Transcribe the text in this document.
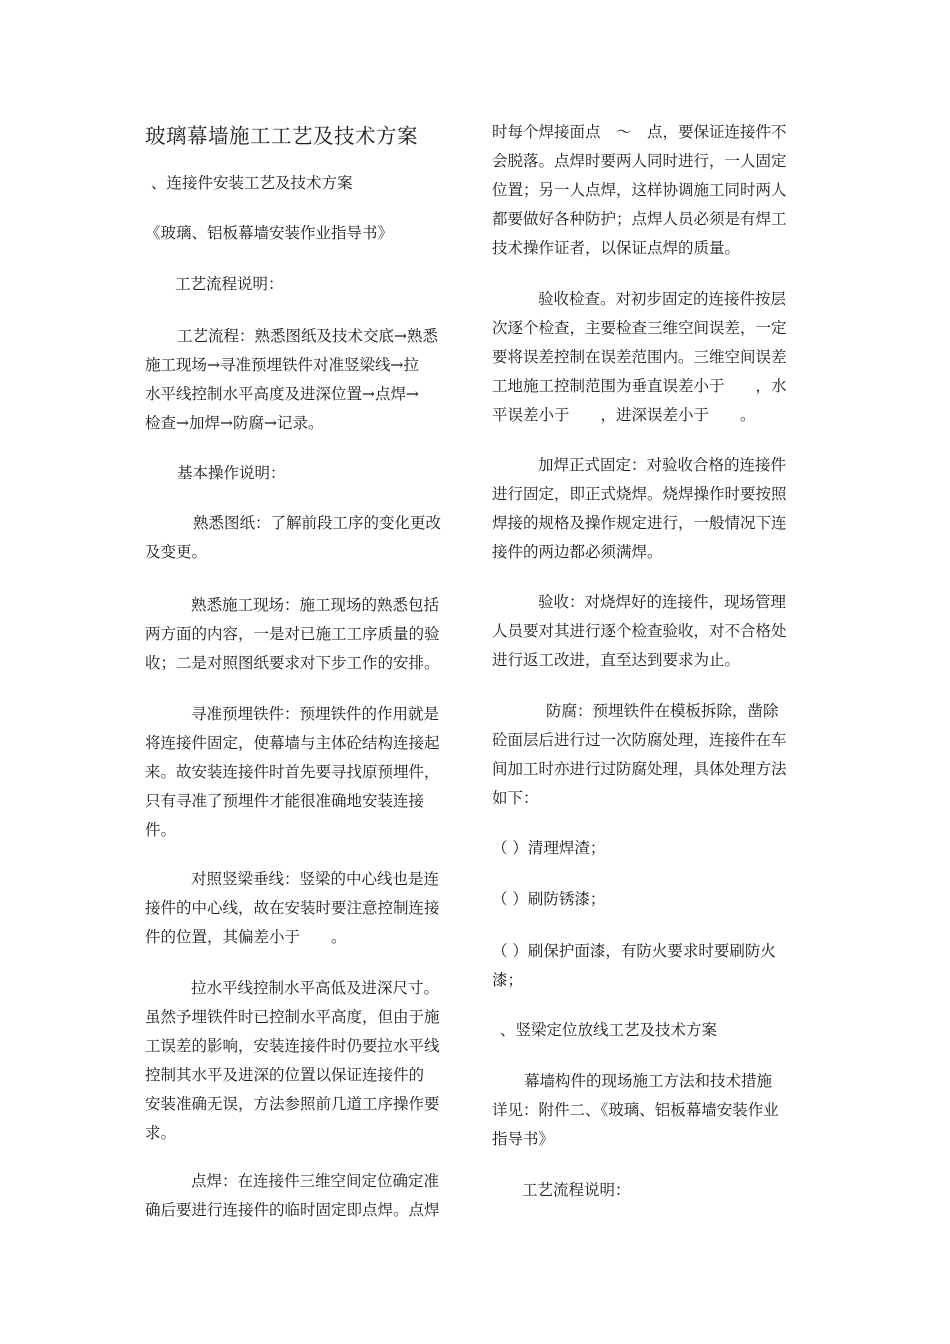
玻璃幕墙施工工艺及技术方案
、连接件安装工艺及技术方案
《玻璃、铝板幕墙安装作业指导书》
工艺流程说明：
工艺流程：熟悉图纸及技术交底→熟悉
施工现场→寻准预埋铁件对准竖梁线→拉
水平线控制水平高度及进深位置→点焊→
检查→加焊→防腐→记录。
基本操作说明：
熟悉图纸：了解前段工序的变化更改
及变更。
熟悉施工现场：施工现场的熟悉包括
两方面的内容，一是对已施工工序质量的验
收；二是对照图纸要求对下步工作的安排。
寻准预埋铁件：预埋铁件的作用就是
将连接件固定，使幕墙与主体砼结构连接起
来。故安装连接件时首先要寻找原预埋件，
只有寻准了预埋件才能很准确地安装连接
件。
对照竖梁垂线：竖梁的中心线也是连
接件的中心线，故在安装时要注意控制连接
件的位置，其偏差小于　　。
拉水平线控制水平高低及进深尺寸。
虽然予埋铁件时已控制水平高度，但由于施
工误差的影响，安装连接件时仍要拉水平线
控制其水平及进深的位置以保证连接件的
安装准确无误，方法参照前几道工序操作要
求。
点焊：在连接件三维空间定位确定准
确后要进行连接件的临时固定即点焊。点焊
时每个焊接面点　～　点，要保证连接件不
会脱落。点焊时要两人同时进行，一人固定
位置；另一人点焊，这样协调施工同时两人
都要做好各种防护；点焊人员必须是有焊工
技术操作证者，以保证点焊的质量。
验收检查。对初步固定的连接件按层
次逐个检查，主要检查三维空间误差，一定
要将误差控制在误差范围内。三维空间误差
工地施工控制范围为垂直误差小于　　，水
平误差小于　　，进深误差小于　　。
加焊正式固定：对验收合格的连接件
进行固定，即正式烧焊。烧焊操作时要按照
焊接的规格及操作规定进行，一般情况下连
接件的两边都必须满焊。
验收：对烧焊好的连接件，现场管理
人员要对其进行逐个检查验收，对不合格处
进行返工改进，直至达到要求为止。
防腐：预埋铁件在模板拆除，凿除
砼面层后进行过一次防腐处理，连接件在车
间加工时亦进行过防腐处理，具体处理方法
如下：
（ ）清理焊渣；
（ ）刷防锈漆；
（ ）刷保护面漆，有防火要求时要刷防火
漆；
、竖梁定位放线工艺及技术方案
幕墙构件的现场施工方法和技术措施
详见：附件二、《玻璃、铝板幕墙安装作业
指导书》
工艺流程说明：
